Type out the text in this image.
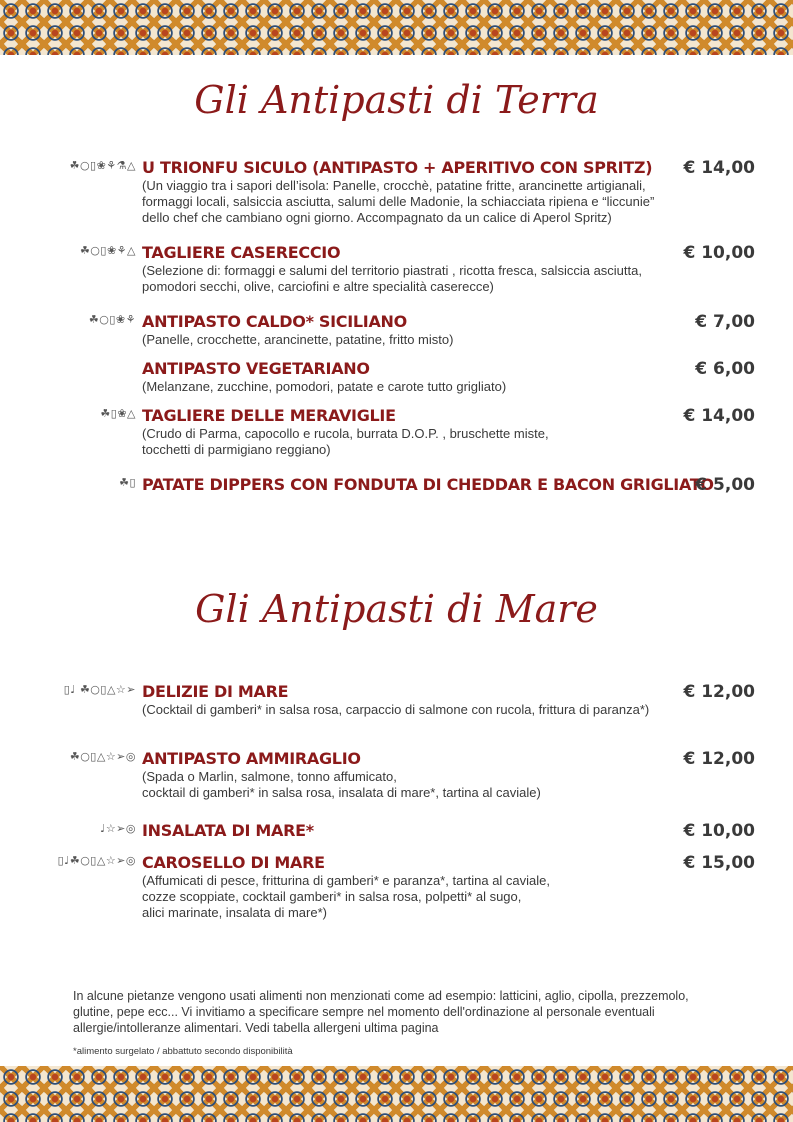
Gli Antipasti di Terra
☘○▯❀⚘⚗△ U TRIONFU SICULO (ANTIPASTO + APERITIVO CON SPRITZ) € 14,00
(Un viaggio tra i sapori dell’isola: Panelle, crocchè, patatine fritte, arancinette artigianali,
formaggi locali, salsiccia asciutta, salumi delle Madonie, la schiacciata ripiena e “liccunie”
dello chef che cambiano ogni giorno. Accompagnato da un calice di Aperol Spritz)
☘○▯❀⚘△ TAGLIERE CASERECCIO	€ 10,00
(Selezione di: formaggi e salumi del territorio piastrati , ricotta fresca, salsiccia asciutta,
pomodori secchi, olive, carciofini e altre specialità caserecce)
☘○▯❀⚘ ANTIPASTO CALDO* SICILIANO	€ 7,00
(Panelle, crocchette, arancinette, patatine, fritto misto)
ANTIPASTO VEGETARIANO	€ 6,00
(Melanzane, zucchine, pomodori, patate e carote tutto grigliato)
☘▯❀△ TAGLIERE DELLE MERAVIGLIE	€ 14,00
(Crudo di Parma, capocollo e rucola, burrata D.O.P. , bruschette miste,
tocchetti di parmigiano reggiano)
☘▯ PATATE DIPPERS CON FONDUTA DI CHEDDAR E BACON GRIGLIATO
€ 5,00
Gli Antipasti di Mare
▯♩ ☘○▯△☆➢ DELIZIE DI MARE	€ 12,00
(Cocktail di gamberi* in salsa rosa, carpaccio di salmone con rucola, frittura di paranza*)
☘○▯△☆➢◎ ANTIPASTO AMMIRAGLIO	€ 12,00
(Spada o Marlin, salmone, tonno affumicato,
cocktail di gamberi* in salsa rosa, insalata di mare*, tartina al caviale)
♩☆➢◎ INSALATA DI MARE*	€ 10,00
▯♩☘○▯△☆➢◎ CAROSELLO DI MARE	€ 15,00
(Affumicati di pesce, fritturina di gamberi* e paranza*, tartina al caviale,
cozze scoppiate, cocktail gamberi* in salsa rosa, polpetti* al sugo,
alici marinate, insalata di mare*)
In alcune pietanze vengono usati alimenti non menzionati come ad esempio: latticini, aglio, cipolla, prezzemolo,
glutine, pepe ecc... Vi invitiamo a specificare sempre nel momento dell'ordinazione al personale eventuali
allergie/intolleranze alimentari. Vedi tabella allergeni ultima pagina
*alimento surgelato / abbattuto secondo disponibilità
